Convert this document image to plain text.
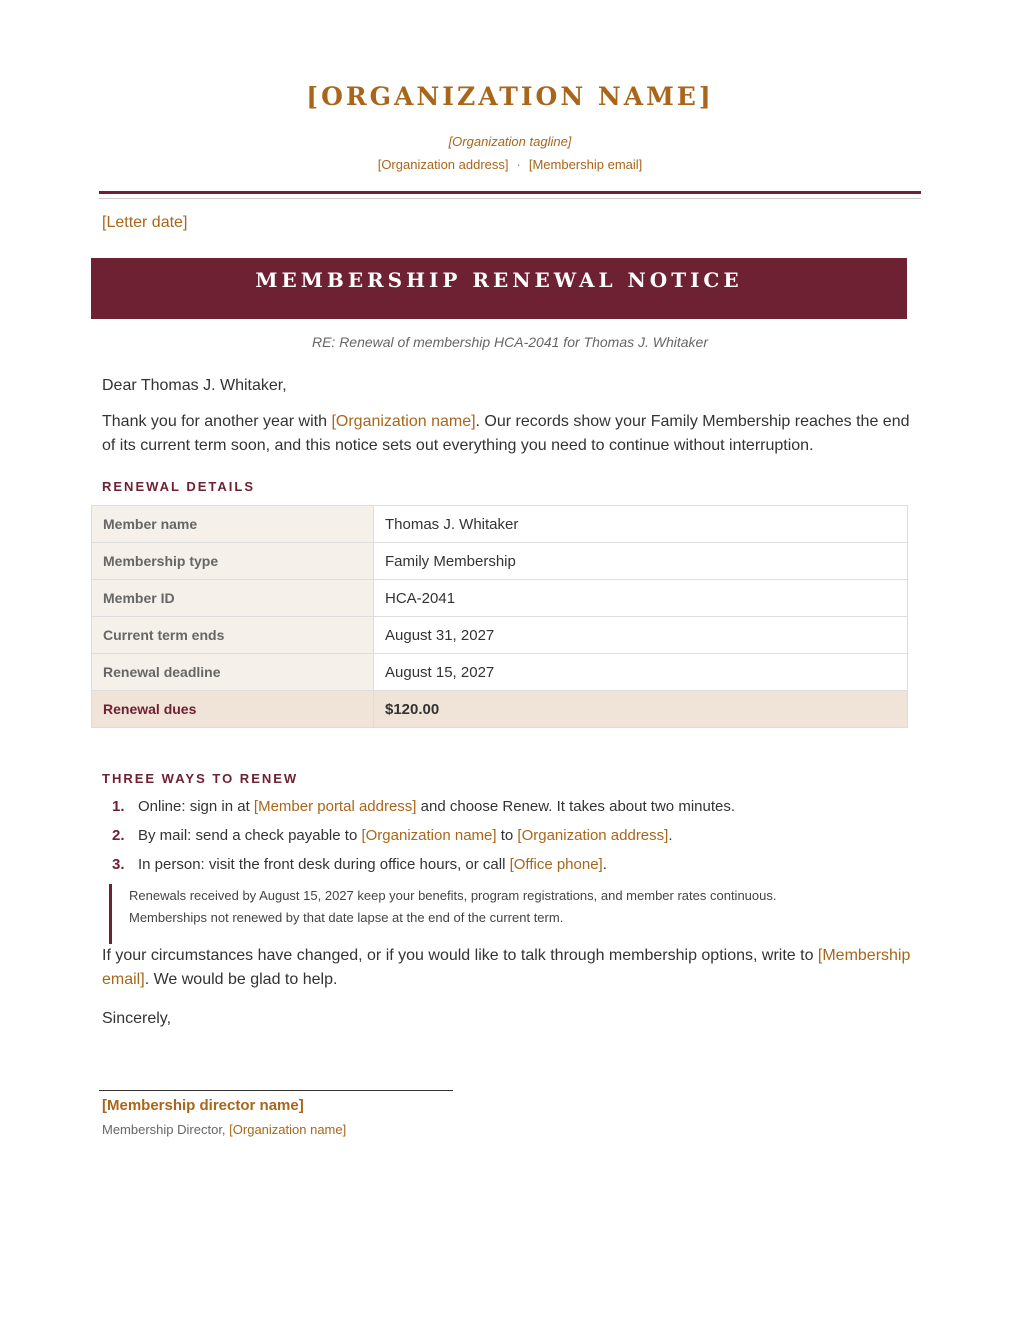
[ORGANIZATION NAME]
[Organization tagline]
[Organization address] · [Membership email]
[Letter date]
MEMBERSHIP RENEWAL NOTICE
RE: Renewal of membership HCA-2041 for Thomas J. Whitaker
Dear Thomas J. Whitaker,
Thank you for another year with [Organization name]. Our records show your Family Membership reaches the end of its current term soon, and this notice sets out everything you need to continue without interruption.
RENEWAL DETAILS
Member name	Thomas J. Whitaker
Membership type	Family Membership
Member ID	HCA-2041
Current term ends	August 31, 2027
Renewal deadline	August 15, 2027
Renewal dues	$120.00
THREE WAYS TO RENEW
1. Online: sign in at [Member portal address] and choose Renew. It takes about two minutes.
2. By mail: send a check payable to [Organization name] to [Organization address].
3. In person: visit the front desk during office hours, or call [Office phone].
Renewals received by August 15, 2027 keep your benefits, program registrations, and member rates continuous.
Memberships not renewed by that date lapse at the end of the current term.
If your circumstances have changed, or if you would like to talk through membership options, write to [Membership email]. We would be glad to help.
Sincerely,
[Membership director name]
Membership Director, [Organization name]
